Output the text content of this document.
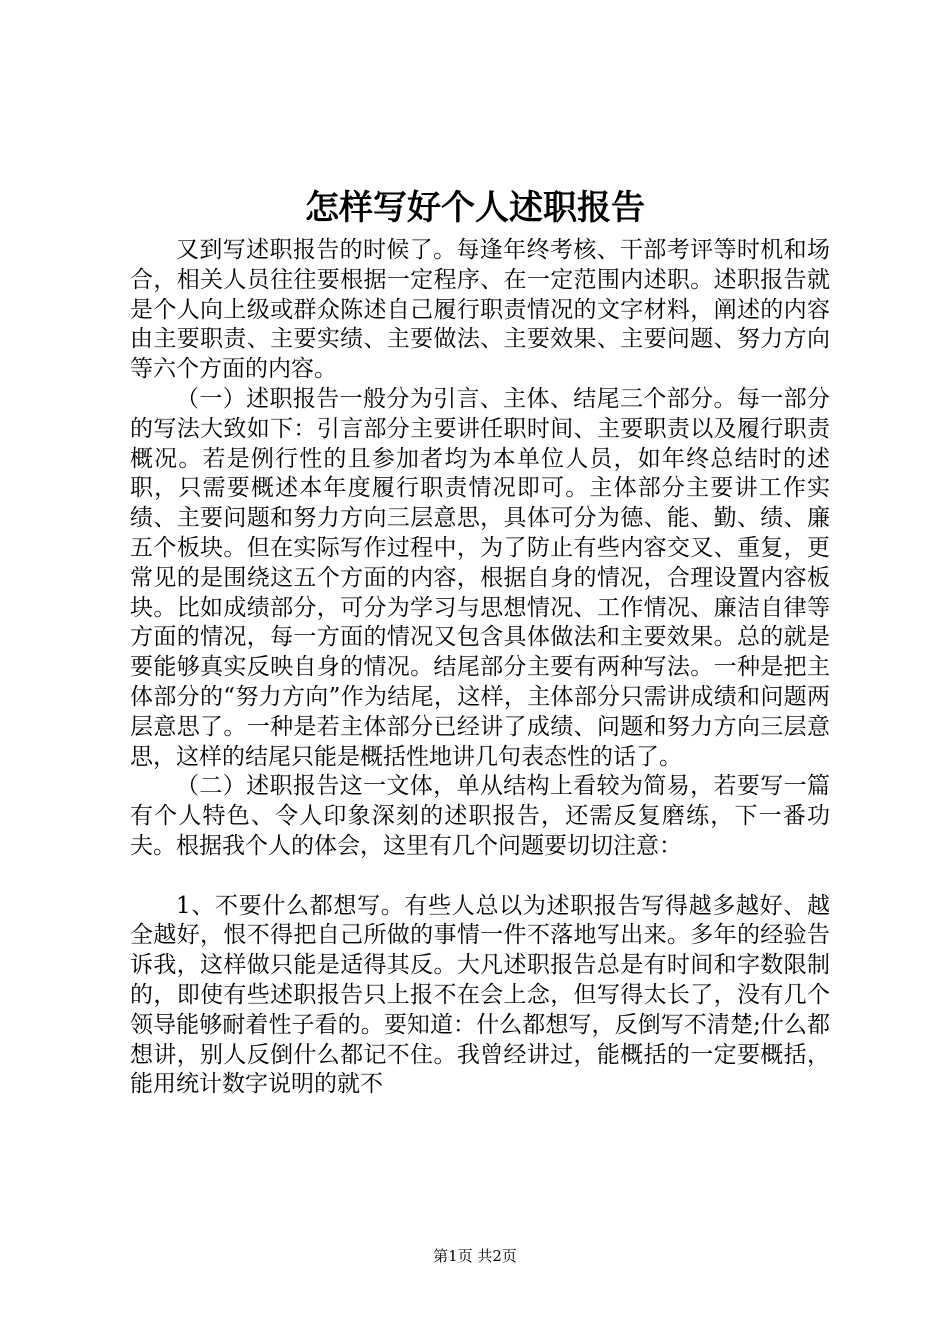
怎样写好个人述职报告

又到写述职报告的时候了。每逢年终考核、干部考评等时机和场合，相关人员往往要根据一定程序、在一定范围内述职。述职报告就是个人向上级或群众陈述自己履行职责情况的文字材料，阐述的内容由主要职责、主要实绩、主要做法、主要效果、主要问题、努力方向等六个方面的内容。

（一）述职报告一般分为引言、主体、结尾三个部分。每一部分的写法大致如下：引言部分主要讲任职时间、主要职责以及履行职责概况。若是例行性的且参加者均为本单位人员，如年终总结时的述职，只需要概述本年度履行职责情况即可。主体部分主要讲工作实绩、主要问题和努力方向三层意思，具体可分为德、能、勤、绩、廉五个板块。但在实际写作过程中，为了防止有些内容交叉、重复，更常见的是围绕这五个方面的内容，根据自身的情况，合理设置内容板块。比如成绩部分，可分为学习与思想情况、工作情况、廉洁自律等方面的情况，每一方面的情况又包含具体做法和主要效果。总的就是要能够真实反映自身的情况。结尾部分主要有两种写法。一种是把主体部分的“努力方向”作为结尾，这样，主体部分只需讲成绩和问题两层意思了。一种是若主体部分已经讲了成绩、问题和努力方向三层意思，这样的结尾只能是概括性地讲几句表态性的话了。

（二）述职报告这一文体，单从结构上看较为简易，若要写一篇有个人特色、令人印象深刻的述职报告，还需反复磨练，下一番功夫。根据我个人的体会，这里有几个问题要切切注意：

1、不要什么都想写。有些人总以为述职报告写得越多越好、越全越好，恨不得把自己所做的事情一件不落地写出来。多年的经验告诉我，这样做只能是适得其反。大凡述职报告总是有时间和字数限制的，即使有些述职报告只上报不在会上念，但写得太长了，没有几个领导能够耐着性子看的。要知道：什么都想写，反倒写不清楚;什么都想讲，别人反倒什么都记不住。我曾经讲过，能概括的一定要概括，能用统计数字说明的就不

第1页 共2页
